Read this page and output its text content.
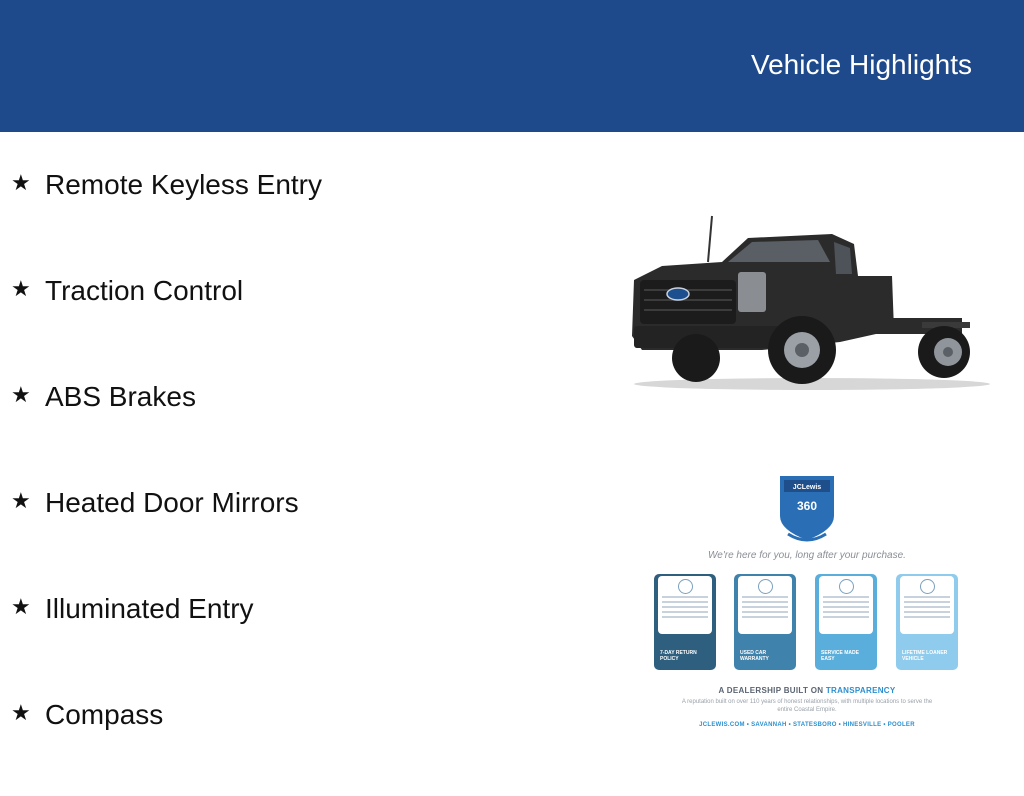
Vehicle Highlights
★ Remote Keyless Entry
★ Traction Control
★ ABS Brakes
★ Heated Door Mirrors
★ Illuminated Entry
★ Compass
JCLewis
360
We're here for you, long after your purchase.
7-DAY RETURN POLICY
USED CAR WARRANTY
SERVICE MADE EASY
LIFETIME LOANER VEHICLE
A DEALERSHIP BUILT ON TRANSPARENCY
A reputation built on over 110 years of honest relationships, with multiple locations to serve the entire Coastal Empire.
JCLEWIS.COM • SAVANNAH • STATESBORO • HINESVILLE • POOLER
